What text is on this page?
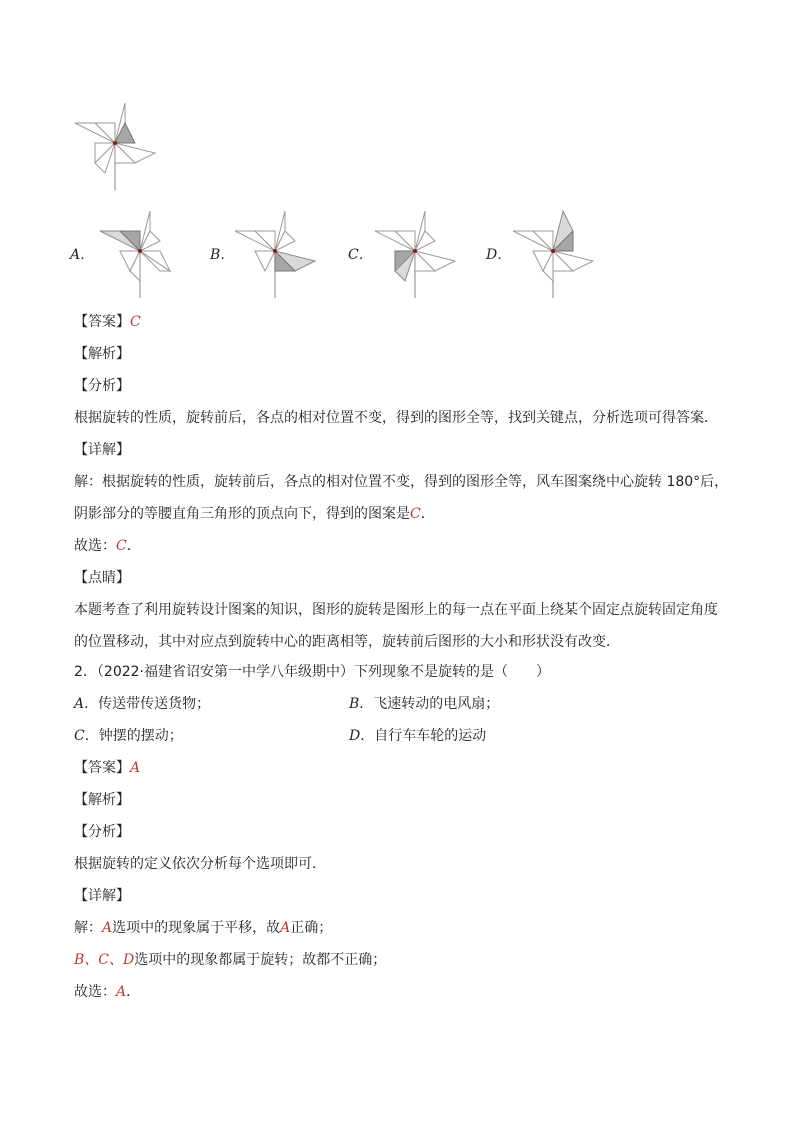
A．	B．	C．	D．
【答案】C
【解析】
【分析】
根据旋转的性质，旋转前后，各点的相对位置不变，得到的图形全等，找到关键点，分析选项可得答案．
【详解】
解：根据旋转的性质，旋转前后，各点的相对位置不变，得到的图形全等，风车图案绕中心旋转 180°后，
阴影部分的等腰直角三角形的顶点向下，得到的图案是C．
故选：C．
【点睛】
本题考查了利用旋转设计图案的知识，图形的旋转是图形上的每一点在平面上绕某个固定点旋转固定角度
的位置移动，其中对应点到旋转中心的距离相等，旋转前后图形的大小和形状没有改变．
2．（2022·福建省诏安第一中学八年级期中）下列现象不是旋转的是（　　）
A．传送带传送货物；	B．飞速转动的电风扇；
C．钟摆的摆动；	D．自行车车轮的运动
【答案】A
【解析】
【分析】
根据旋转的定义依次分析每个选项即可．
【详解】
解：A选项中的现象属于平移，故A正确；
B、C、D选项中的现象都属于旋转；故都不正确；
故选：A．
